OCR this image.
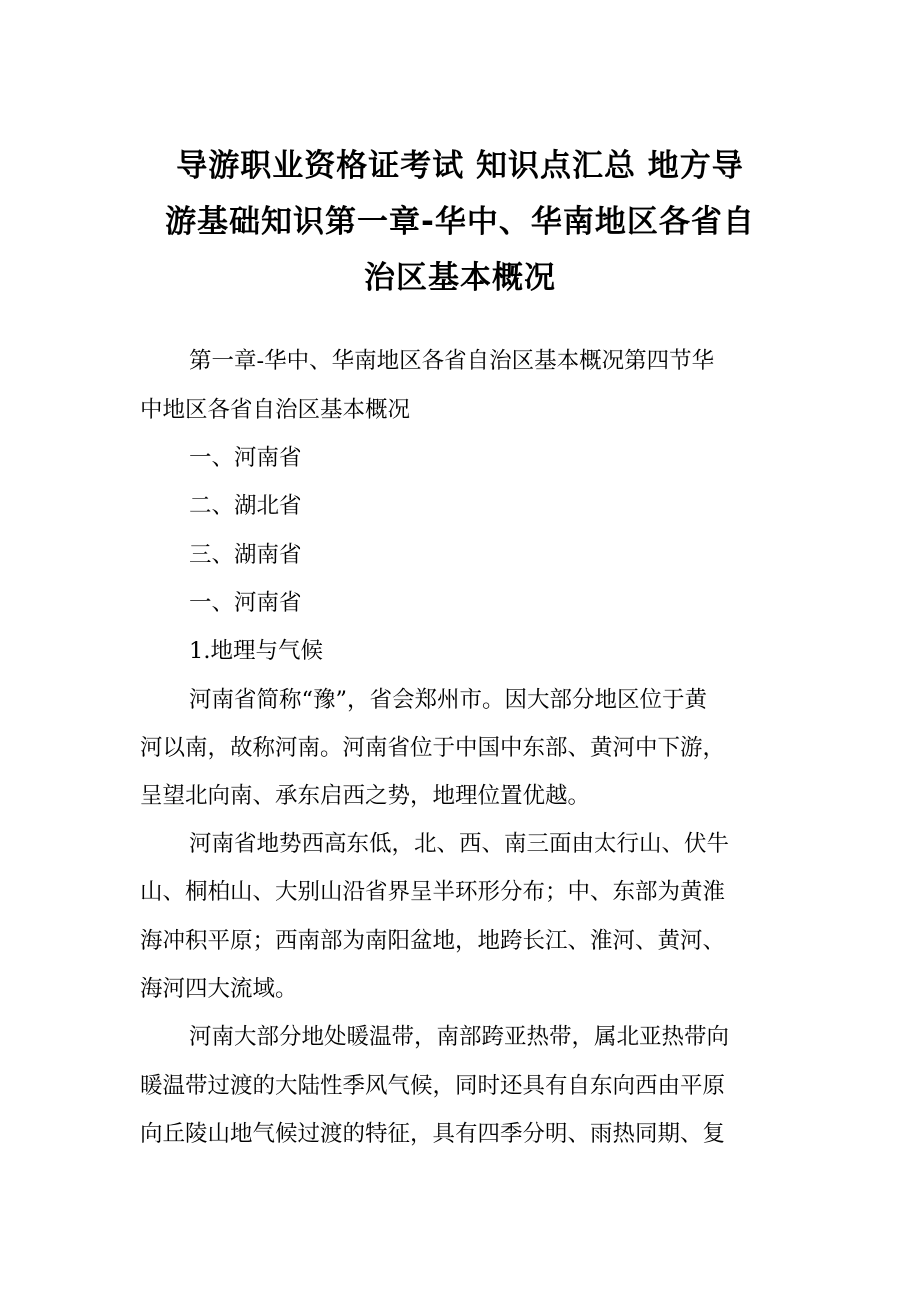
导游职业资格证考试 知识点汇总 地方导
游基础知识第一章-华中、华南地区各省自
治区基本概况
第一章-华中、华南地区各省自治区基本概况第四节华
中地区各省自治区基本概况
一、河南省
二、湖北省
三、湖南省
一、河南省
1.地理与气候
河南省简称“豫”，省会郑州市。因大部分地区位于黄
河以南，故称河南。河南省位于中国中东部、黄河中下游，
呈望北向南、承东启西之势，地理位置优越。
河南省地势西高东低，北、西、南三面由太行山、伏牛
山、桐柏山、大别山沿省界呈半环形分布；中、东部为黄淮
海冲积平原；西南部为南阳盆地，地跨长江、淮河、黄河、
海河四大流域。
河南大部分地处暖温带，南部跨亚热带，属北亚热带向
暖温带过渡的大陆性季风气候，同时还具有自东向西由平原
向丘陵山地气候过渡的特征，具有四季分明、雨热同期、复
